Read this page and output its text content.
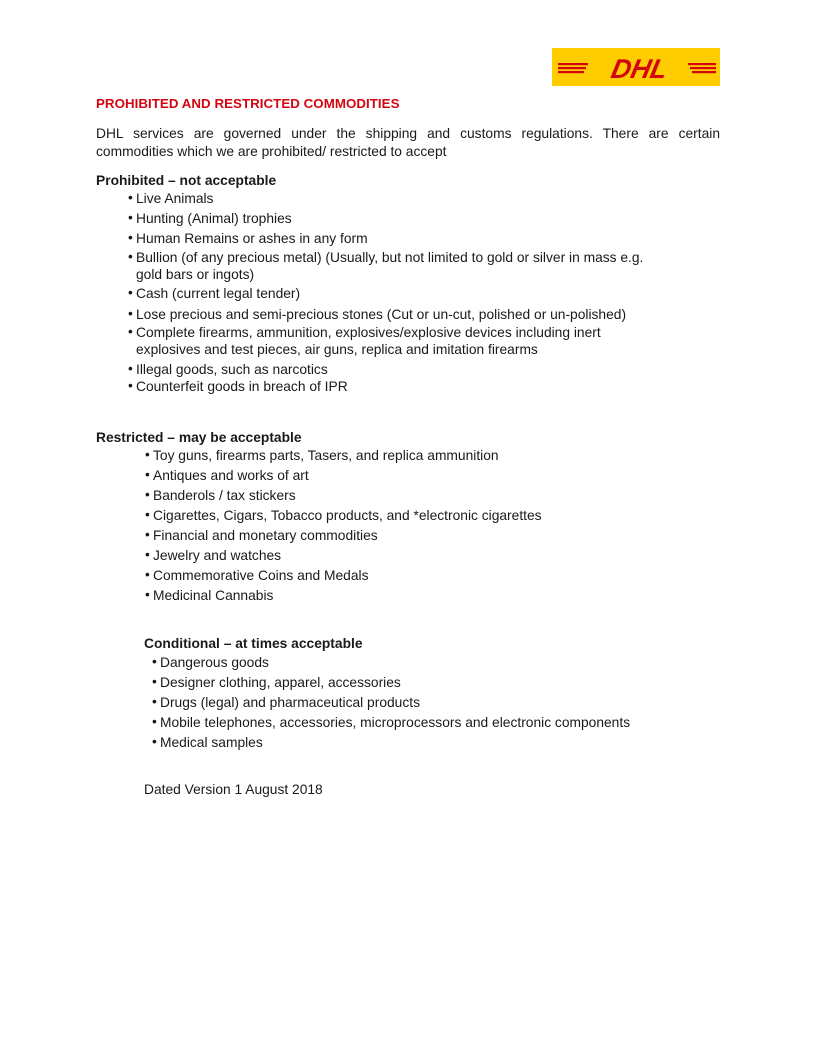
DHL
PROHIBITED AND RESTRICTED COMMODITIES
DHL services are governed under the shipping and customs regulations. There are certain commodities which we are prohibited/ restricted to accept
Prohibited – not acceptable
• Live Animals
• Hunting (Animal) trophies
• Human Remains or ashes in any form
• Bullion (of any precious metal) (Usually, but not limited to gold or silver in mass e.g. gold bars or ingots)
• Cash (current legal tender)
• Lose precious and semi-precious stones (Cut or un-cut, polished or un-polished)
• Complete firearms, ammunition, explosives/explosive devices including inert explosives and test pieces, air guns, replica and imitation firearms
• Illegal goods, such as narcotics
• Counterfeit goods in breach of IPR
Restricted – may be acceptable
• Toy guns, firearms parts, Tasers, and replica ammunition
• Antiques and works of art
• Banderols / tax stickers
• Cigarettes, Cigars, Tobacco products, and *electronic cigarettes
• Financial and monetary commodities
• Jewelry and watches
• Commemorative Coins and Medals
• Medicinal Cannabis
Conditional – at times acceptable
• Dangerous goods
• Designer clothing, apparel, accessories
• Drugs (legal) and pharmaceutical products
• Mobile telephones, accessories, microprocessors and electronic components
• Medical samples
Dated Version 1 August 2018
